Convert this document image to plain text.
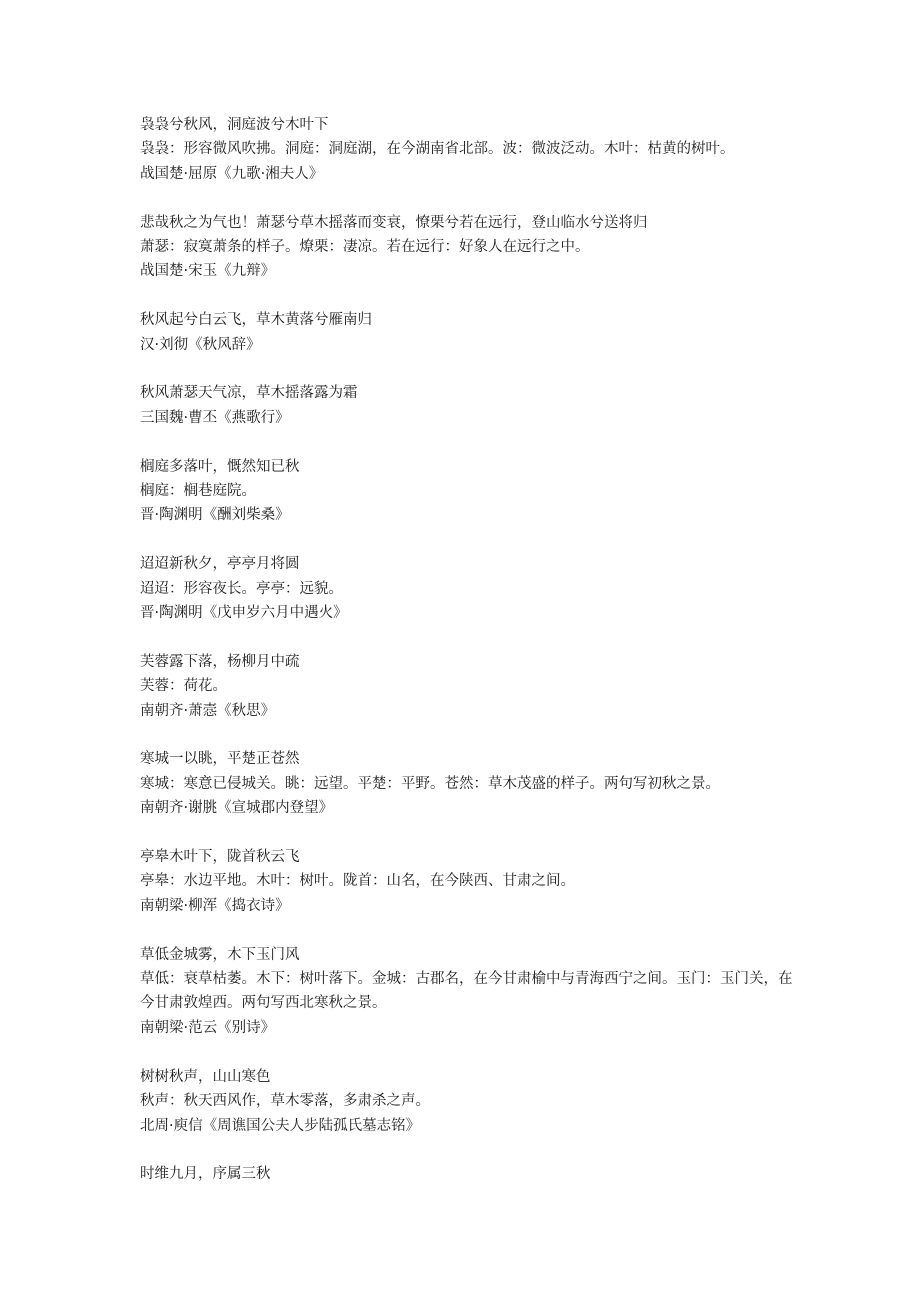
袅袅兮秋风，洞庭波兮木叶下

袅袅：形容微风吹拂。洞庭：洞庭湖，在今湖南省北部。波：微波泛动。木叶：枯黄的树叶。

战国楚·屈原《九歌·湘夫人》

悲哉秋之为气也！萧瑟兮草木摇落而变衰，憭栗兮若在远行，登山临水兮送将归

萧瑟：寂寞萧条的样子。燎栗：凄凉。若在远行：好象人在远行之中。

战国楚·宋玉《九辩》

秋风起兮白云飞，草木黄落兮雁南归

汉·刘彻《秋风辞》

秋风萧瑟天气凉，草木摇落露为霜

三国魏·曹丕《燕歌行》

榈庭多落叶，慨然知已秋

榈庭：榈巷庭院。

晋·陶渊明《酬刘柴桑》

迢迢新秋夕，亭亭月将圆

迢迢：形容夜长。亭亭：远貌。

晋·陶渊明《戊申岁六月中遇火》

芙蓉露下落，杨柳月中疏

芙蓉：荷花。

南朝齐·萧悫《秋思》

寒城一以眺，平楚正苍然

寒城：寒意已侵城关。眺：远望。平楚：平野。苍然：草木茂盛的样子。两句写初秋之景。

南朝齐·谢朓《宣城郡内登望》

亭皋木叶下，陇首秋云飞

亭皋：水边平地。木叶：树叶。陇首：山名，在今陕西、甘肃之间。

南朝梁·柳浑《捣衣诗》

草低金城雾，木下玉门风

草低：衰草枯萎。木下：树叶落下。金城：古郡名，在今甘肃榆中与青海西宁之间。玉门：玉门关，在今甘肃敦煌西。两句写西北寒秋之景。

南朝梁·范云《别诗》

树树秋声，山山寒色

秋声：秋天西风作，草木零落，多肃杀之声。

北周·庾信《周谯国公夫人步陆孤氏墓志铭》

时维九月，序属三秋
